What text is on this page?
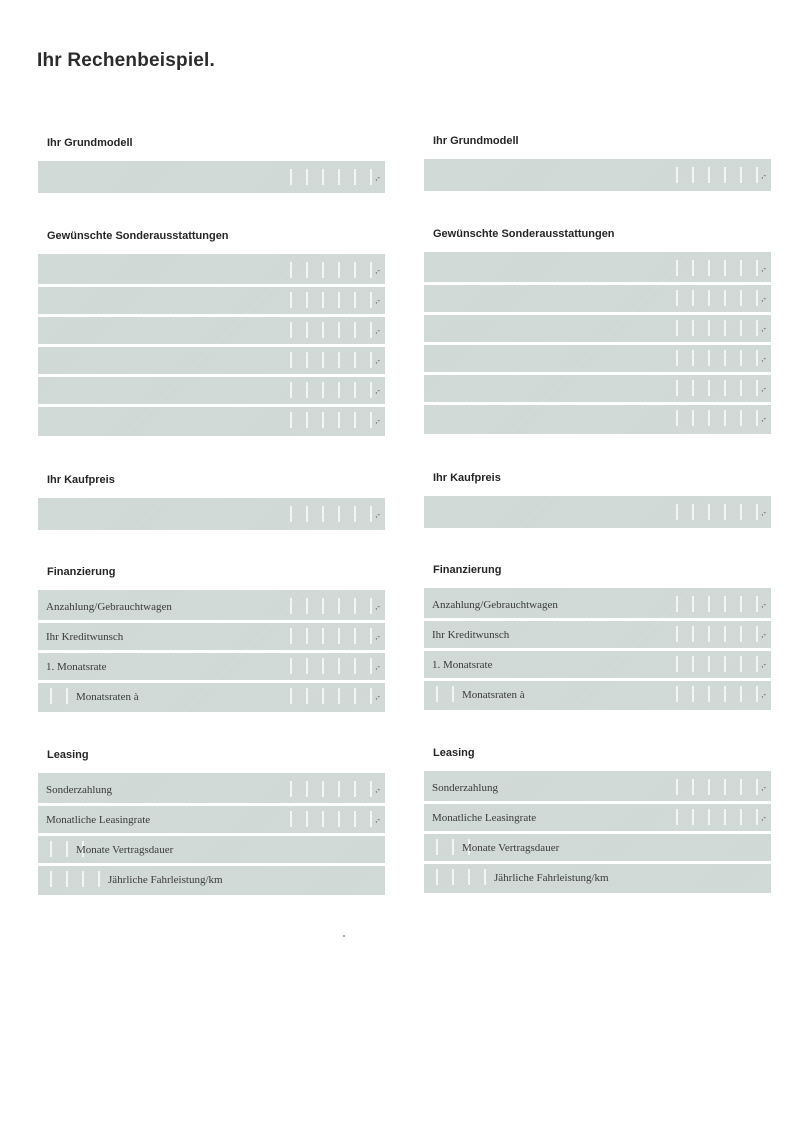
Ihr Rechenbeispiel.
Ihr Grundmodell
,-
Gewünschte Sonderausstattungen
,-
,-
,-
,-
,-
,-
Ihr Kaufpreis
,-
Finanzierung
Anzahlung/Gebrauchtwagen	,-
Ihr Kreditwunsch	,-
1. Monatsrate	,-
Monatsraten à	,-
Leasing
Sonderzahlung	,-
Monatliche Leasingrate	,-
Monate Vertragsdauer
Jährliche Fahrleistung/km
Ihr Grundmodell
,-
Gewünschte Sonderausstattungen
,-
,-
,-
,-
,-
,-
Ihr Kaufpreis
,-
Finanzierung
Anzahlung/Gebrauchtwagen	,-
Ihr Kreditwunsch	,-
1. Monatsrate	,-
Monatsraten à	,-
Leasing
Sonderzahlung	,-
Monatliche Leasingrate	,-
Monate Vertragsdauer
Jährliche Fahrleistung/km
